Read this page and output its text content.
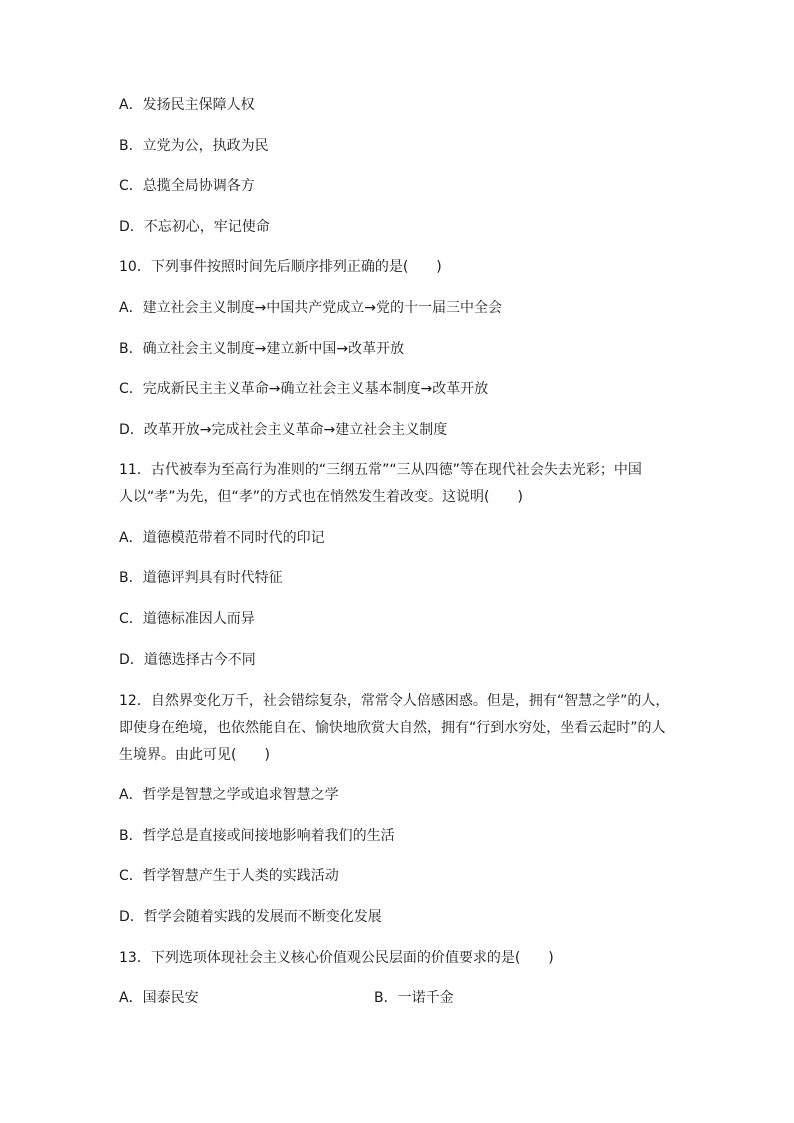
A．发扬民主保障人权
B．立党为公，执政为民
C．总揽全局协调各方
D．不忘初心，牢记使命
10．下列事件按照时间先后顺序排列正确的是(　　)
A．建立社会主义制度→中国共产党成立→党的十一届三中全会
B．确立社会主义制度→建立新中国→改革开放
C．完成新民主主义革命→确立社会主义基本制度→改革开放
D．改革开放→完成社会主义革命→建立社会主义制度
11．古代被奉为至高行为准则的“三纲五常”“三从四德”等在现代社会失去光彩；中国
人以“孝”为先，但“孝”的方式也在悄然发生着改变。这说明(　　)
A．道德模范带着不同时代的印记
B．道德评判具有时代特征
C．道德标准因人而异
D．道德选择古今不同
12．自然界变化万千，社会错综复杂，常常令人倍感困惑。但是，拥有“智慧之学”的人，
即使身在绝境，也依然能自在、愉快地欣赏大自然，拥有“行到水穷处，坐看云起时”的人
生境界。由此可见(　　)
A．哲学是智慧之学或追求智慧之学
B．哲学总是直接或间接地影响着我们的生活
C．哲学智慧产生于人类的实践活动
D．哲学会随着实践的发展而不断变化发展
13．下列选项体现社会主义核心价值观公民层面的价值要求的是(　　)
A．国泰民安	B．一诺千金
